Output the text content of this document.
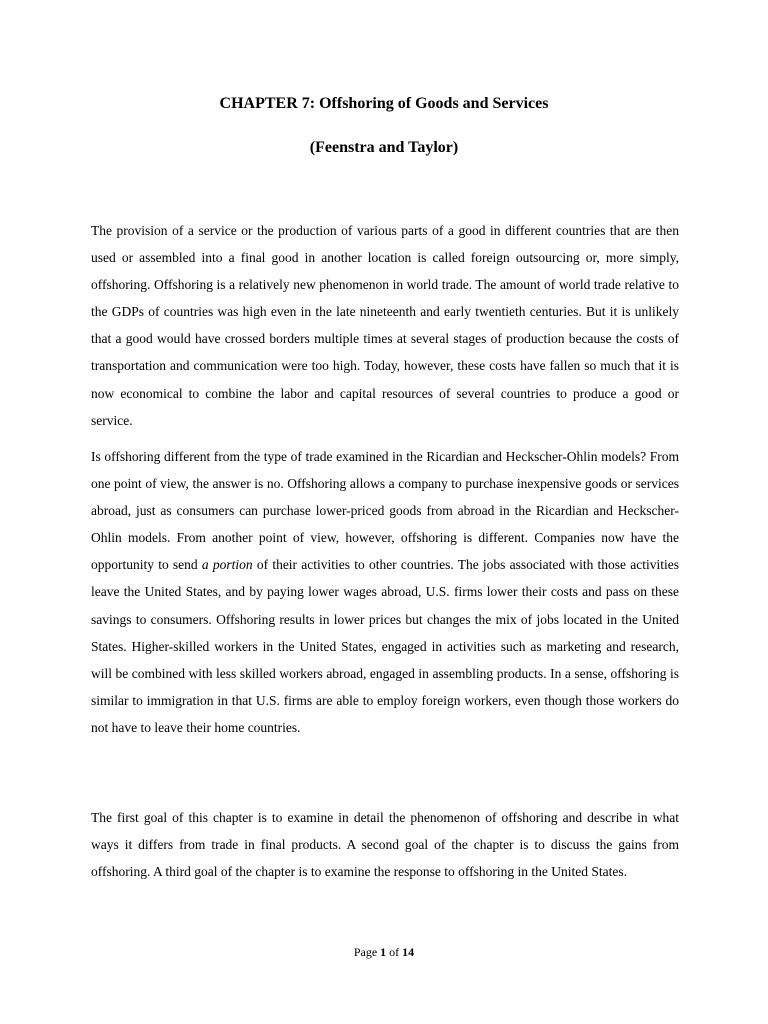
CHAPTER 7: Offshoring of Goods and Services
(Feenstra and Taylor)

The provision of a service or the production of various parts of a good in different countries that are then used or assembled into a final good in another location is called foreign outsourcing or, more simply, offshoring. Offshoring is a relatively new phenomenon in world trade. The amount of world trade relative to the GDPs of countries was high even in the late nineteenth and early twentieth centuries. But it is unlikely that a good would have crossed borders multiple times at several stages of production because the costs of transportation and communication were too high. Today, however, these costs have fallen so much that it is now economical to combine the labor and capital resources of several countries to produce a good or service.

Is offshoring different from the type of trade examined in the Ricardian and Heckscher-Ohlin models? From one point of view, the answer is no. Offshoring allows a company to purchase inexpensive goods or services abroad, just as consumers can purchase lower-priced goods from abroad in the Ricardian and Heckscher-Ohlin models. From another point of view, however, offshoring is different. Companies now have the opportunity to send a portion of their activities to other countries. The jobs associated with those activities leave the United States, and by paying lower wages abroad, U.S. firms lower their costs and pass on these savings to consumers. Offshoring results in lower prices but changes the mix of jobs located in the United States. Higher-skilled workers in the United States, engaged in activities such as marketing and research, will be combined with less skilled workers abroad, engaged in assembling products. In a sense, offshoring is similar to immigration in that U.S. firms are able to employ foreign workers, even though those workers do not have to leave their home countries.

The first goal of this chapter is to examine in detail the phenomenon of offshoring and describe in what ways it differs from trade in final products. A second goal of the chapter is to discuss the gains from offshoring. A third goal of the chapter is to examine the response to offshoring in the United States.

Page 1 of 14
